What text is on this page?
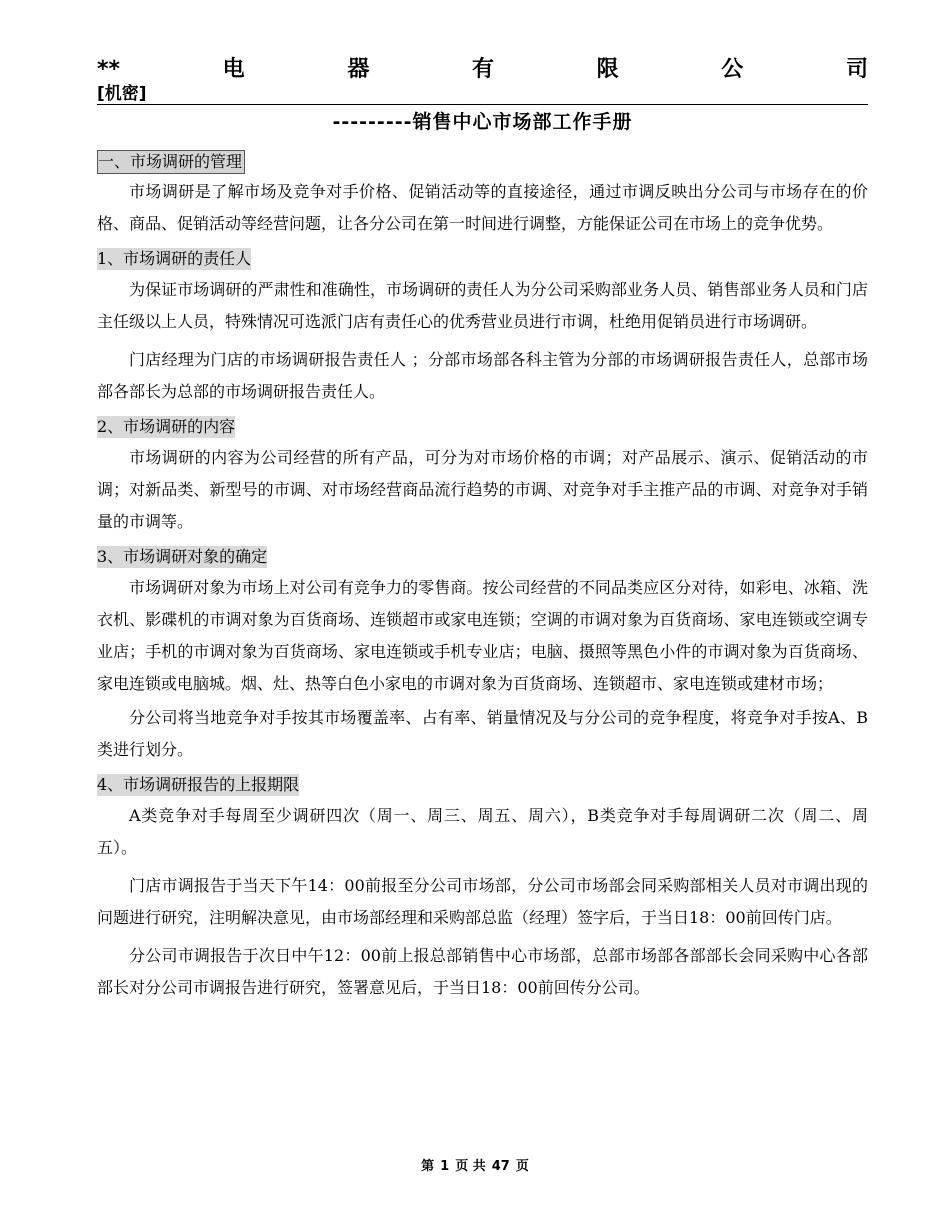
**	电	器	有	限	公	司
[机密]
---------销售中心市场部工作手册
一、市场调研的管理

市场调研是了解市场及竞争对手价格、促销活动等的直接途径，通过市调反映出分公司与市场存在的价格、商品、促销活动等经营问题，让各分公司在第一时间进行调整，方能保证公司在市场上的竞争优势。

1、市场调研的责任人

为保证市场调研的严肃性和准确性，市场调研的责任人为分公司采购部业务人员、销售部业务人员和门店主任级以上人员，特殊情况可选派门店有责任心的优秀营业员进行市调，杜绝用促销员进行市场调研。

门店经理为门店的市场调研报告责任人 ；分部市场部各科主管为分部的市场调研报告责任人，总部市场部各部长为总部的市场调研报告责任人。

2、市场调研的内容

市场调研的内容为公司经营的所有产品，可分为对市场价格的市调；对产品展示、演示、促销活动的市调；对新品类、新型号的市调、对市场经营商品流行趋势的市调、对竞争对手主推产品的市调、对竞争对手销量的市调等。

3、市场调研对象的确定

市场调研对象为市场上对公司有竞争力的零售商。按公司经营的不同品类应区分对待，如彩电、冰箱、洗衣机、影碟机的市调对象为百货商场、连锁超市或家电连锁；空调的市调对象为百货商场、家电连锁或空调专业店；手机的市调对象为百货商场、家电连锁或手机专业店；电脑、摄照等黑色小件的市调对象为百货商场、家电连锁或电脑城。烟、灶、热等白色小家电的市调对象为百货商场、连锁超市、家电连锁或建材市场；

分公司将当地竞争对手按其市场覆盖率、占有率、销量情况及与分公司的竞争程度，将竞争对手按A、B类进行划分。

4、市场调研报告的上报期限

A类竞争对手每周至少调研四次（周一、周三、周五、周六），B类竞争对手每周调研二次（周二、周五）。

门店市调报告于当天下午14：00前报至分公司市场部，分公司市场部会同采购部相关人员对市调出现的问题进行研究，注明解决意见，由市场部经理和采购部总监（经理）签字后，于当日18：00前回传门店。

分公司市调报告于次日中午12：00前上报总部销售中心市场部，总部市场部各部部长会同采购中心各部部长对分公司市调报告进行研究，签署意见后，于当日18：00前回传分公司。

第 1 页 共 47 页
